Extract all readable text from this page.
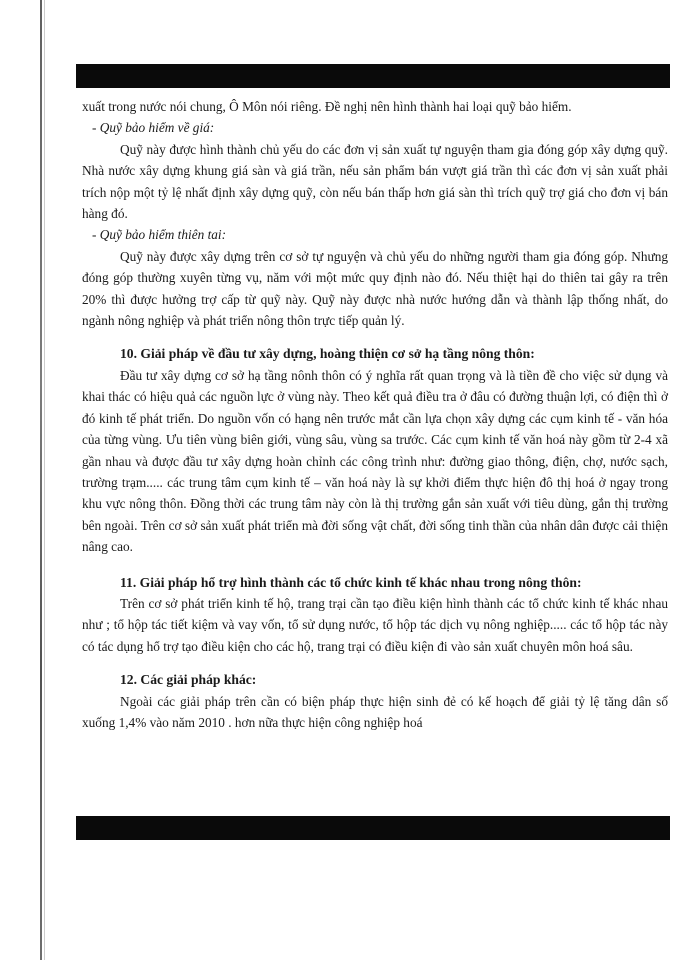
xuất trong nước nói chung, Ô Môn nói riêng. Đề nghị nên hình thành hai loại quỹ bảo hiểm.

- Quỹ bảo hiểm về giá:

Quỹ này được hình thành chủ yếu do các đơn vị sản xuất tự nguyện tham gia đóng góp xây dựng quỹ. Nhà nước xây dựng khung giá sàn và giá trần, nếu sản phẩm bán vượt giá trần thì các đơn vị sản xuất phải trích nộp một tỷ lệ nhất định xây dựng quỹ, còn nếu bán thấp hơn giá sàn thì trích quỹ trợ giá cho đơn vị bán hàng đó.

- Quỹ bảo hiểm thiên tai:

Quỹ này được xây dựng trên cơ sở tự nguyện và chủ yếu do những người tham gia đóng góp. Nhưng đóng góp thường xuyên từng vụ, năm với một mức quy định nào đó. Nếu thiệt hại do thiên tai gây ra trên 20% thì được hưởng trợ cấp từ quỹ này. Quỹ này được nhà nước hướng dẫn và thành lập thống nhất, do ngành nông nghiệp và phát triển nông thôn trực tiếp quản lý.

10. Giải pháp về đầu tư xây dựng, hoàng thiện cơ sở hạ tầng nông thôn:

Đầu tư xây dựng cơ sở hạ tầng nônh thôn có ý nghĩa rất quan trọng và là tiền đề cho việc sử dụng và khai thác có hiệu quả các nguồn lực ở vùng này. Theo kết quả điều tra ở đâu có đường thuận lợi, có điện thì ở đó kinh tế phát triển. Do nguồn vốn có hạng nên trước mắt cần lựa chọn xây dựng các cụm kinh tế - văn hóa của từng vùng. Ưu tiên vùng biên giới, vùng sâu, vùng sa trước. Các cụm kinh tế văn hoá này gồm từ 2-4 xã gần nhau và được đầu tư xây dựng hoàn chỉnh các công trình như: đường giao thông, điện, chợ, nước sạch, trường trạm..... các trung tâm cụm kinh tế – văn hoá này là sự khởi điểm thực hiện đô thị hoá ở ngay trong khu vực nông thôn. Đồng thời các trung tâm này còn là thị trường gắn sản xuất với tiêu dùng, gắn thị trường bên ngoài. Trên cơ sở sản xuất phát triển mà đời sống vật chất, đời sống tinh thần của nhân dân được cải thiện nâng cao.

11. Giải pháp hổ trợ hình thành các tổ chức kinh tế khác nhau trong nông thôn:

Trên cơ sở phát triển kinh tế hộ, trang trại cần tạo điều kiện hình thành các tổ chức kinh tế khác nhau như ; tổ hộp tác tiết kiệm và vay vốn, tổ sử dụng nước, tổ hộp tác dịch vụ nông nghiệp..... các tổ hộp tác này có tác dụng hổ trợ tạo điều kiện cho các hộ, trang trại có điều kiện đi vào sản xuất chuyên môn hoá sâu.

12. Các giải pháp khác:

Ngoài các giải pháp trên cần có biện pháp thực hiện sinh đẻ có kế hoạch để giải tỷ lệ tăng dân số xuống 1,4% vào năm 2010 . hơn nữa thực hiện công nghiệp hoá
